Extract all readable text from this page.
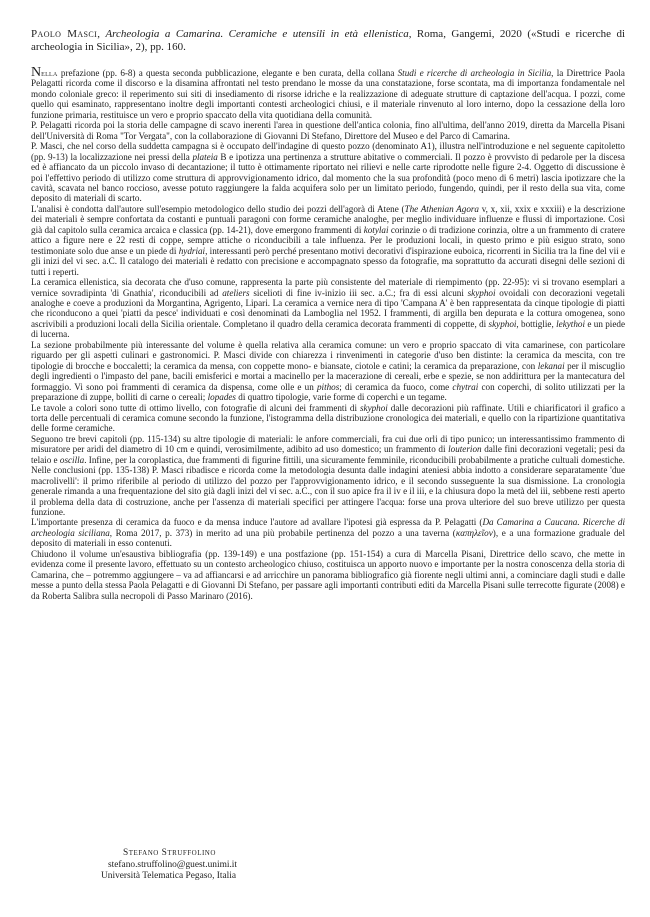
Paolo Masci, Archeologia a Camarina. Ceramiche e utensili in età ellenistica, Roma, Gangemi, 2020 («Studi e ricerche di archeologia in Sicilia», 2), pp. 160.

Nella prefazione (pp. 6-8) a questa seconda pubblicazione, elegante e ben curata, della collana Studi e ricerche di archeologia in Sicilia, la Direttrice Paola Pelagatti ricorda come il discorso e la disamina affrontati nel testo prendano le mosse da una constatazione, forse scontata, ma di importanza fondamentale nel mondo coloniale greco: il reperimento sui siti di insediamento di risorse idriche e la realizzazione di adeguate strutture di captazione dell'acqua. I pozzi, come quello qui esaminato, rappresentano inoltre degli importanti contesti archeologici chiusi, e il materiale rinvenuto al loro interno, dopo la cessazione della loro funzione primaria, restituisce un vero e proprio spaccato della vita quotidiana della comunità.

P. Pelagatti ricorda poi la storia delle campagne di scavo inerenti l'area in questione dell'antica colonia, fino all'ultima, dell'anno 2019, diretta da Marcella Pisani dell'Università di Roma "Tor Vergata", con la collaborazione di Giovanni Di Stefano, Direttore del Museo e del Parco di Camarina.

P. Masci, che nel corso della suddetta campagna si è occupato dell'indagine di questo pozzo (denominato A1), illustra nell'introduzione e nel seguente capitoletto (pp. 9-13) la localizzazione nei pressi della plateia B e ipotizza una pertinenza a strutture abitative o commerciali. Il pozzo è provvisto di pedarole per la discesa ed è affiancato da un piccolo invaso di decantazione; il tutto è ottimamente riportato nei rilievi e nelle carte riprodotte nelle figure 2-4. Oggetto di discussione è poi l'effettivo periodo di utilizzo come struttura di approvvigionamento idrico, dal momento che la sua profondità (poco meno di 6 metri) lascia ipotizzare che la cavità, scavata nel banco roccioso, avesse potuto raggiungere la falda acquifera solo per un limitato periodo, fungendo, quindi, per il resto della sua vita, come deposito di materiali di scarto.

L'analisi è condotta dall'autore sull'esempio metodologico dello studio dei pozzi dell'agorà di Atene (The Athenian Agora v, x, xii, xxix e xxxiii) e la descrizione dei materiali è sempre confortata da costanti e puntuali paragoni con forme ceramiche analoghe, per meglio individuare influenze e flussi di importazione. Così già dal capitolo sulla ceramica arcaica e classica (pp. 14-21), dove emergono frammenti di kotylai corinzie o di tradizione corinzia, oltre a un frammento di cratere attico a figure nere e 22 resti di coppe, sempre attiche o riconducibili a tale influenza. Per le produzioni locali, in questo primo e più esiguo strato, sono testimoniate solo due anse e un piede di hydriai, interessanti però perché presentano motivi decorativi d'ispirazione euboica, ricorrenti in Sicilia tra la fine del vii e gli inizi del vi sec. a.C. Il catalogo dei materiali è redatto con precisione e accompagnato spesso da fotografie, ma soprattutto da accurati disegni delle sezioni di tutti i reperti.

La ceramica ellenistica, sia decorata che d'uso comune, rappresenta la parte più consistente del materiale di riempimento (pp. 22-95): vi si trovano esemplari a vernice sovradipinta 'di Gnathia', riconducibili ad ateliers sicelioti di fine iv-inizio iii sec. a.C.; fra di essi alcuni skyphoi ovoidali con decorazioni vegetali analoghe e coeve a produzioni da Morgantina, Agrigento, Lipari. La ceramica a vernice nera di tipo 'Campana A' è ben rappresentata da cinque tipologie di piatti che riconducono a quei 'piatti da pesce' individuati e così denominati da Lamboglia nel 1952. I frammenti, di argilla ben depurata e la cottura omogenea, sono ascrivibili a produzioni locali della Sicilia orientale. Completano il quadro della ceramica decorata frammenti di coppette, di skyphoi, bottiglie, lekythoi e un piede di lucerna.

La sezione probabilmente più interessante del volume è quella relativa alla ceramica comune: un vero e proprio spaccato di vita camarinese, con particolare riguardo per gli aspetti culinari e gastronomici. P. Masci divide con chiarezza i rinvenimenti in categorie d'uso ben distinte: la ceramica da mescita, con tre tipologie di brocche e boccaletti; la ceramica da mensa, con coppette mono- e biansate, ciotole e catini; la ceramica da preparazione, con lekanai per il miscuglio degli ingredienti o l'impasto del pane, bacili emisferici e mortai a macinello per la macerazione di cereali, erbe e spezie, se non addirittura per la mantecatura del formaggio. Vi sono poi frammenti di ceramica da dispensa, come olle e un pithos; di ceramica da fuoco, come chytrai con coperchi, di solito utilizzati per la preparazione di zuppe, bolliti di carne o cereali; lopades di quattro tipologie, varie forme di coperchi e un tegame.

Le tavole a colori sono tutte di ottimo livello, con fotografie di alcuni dei frammenti di skyphoi dalle decorazioni più raffinate. Utili e chiarificatori il grafico a torta delle percentuali di ceramica comune secondo la funzione, l'istogramma della distribuzione cronologica dei materiali, e quello con la ripartizione quantitativa delle forme ceramiche.

Seguono tre brevi capitoli (pp. 115-134) su altre tipologie di materiali: le anfore commerciali, fra cui due orli di tipo punico; un interessantissimo frammento di misuratore per aridi del diametro di 10 cm e quindi, verosimilmente, adibito ad uso domestico; un frammento di louterion dalle fini decorazioni vegetali; pesi da telaio e oscilla. Infine, per la coroplastica, due frammenti di figurine fittili, una sicuramente femminile, riconducibili probabilmente a pratiche cultuali domestiche.

Nelle conclusioni (pp. 135-138) P. Masci ribadisce e ricorda come la metodologia desunta dalle indagini ateniesi abbia indotto a considerare separatamente 'due macrolivelli': il primo riferibile al periodo di utilizzo del pozzo per l'approvvigionamento idrico, e il secondo susseguente la sua dismissione. La cronologia generale rimanda a una frequentazione del sito già dagli inizi del vi sec. a.C., con il suo apice fra il iv e il iii, e la chiusura dopo la metà del iii, sebbene resti aperto il problema della data di costruzione, anche per l'assenza di materiali specifici per attingere l'acqua: forse una prova ulteriore del suo breve utilizzo per questa funzione.

L'importante presenza di ceramica da fuoco e da mensa induce l'autore ad avallare l'ipotesi già espressa da P. Pelagatti (Da Camarina a Caucana. Ricerche di archeologia siciliana, Roma 2017, p. 373) in merito ad una più probabile pertinenza del pozzo a una taverna (καπηλεῖον), e a una formazione graduale del deposito di materiali in esso contenuti.

Chiudono il volume un'esaustiva bibliografia (pp. 139-149) e una postfazione (pp. 151-154) a cura di Marcella Pisani, Direttrice dello scavo, che mette in evidenza come il presente lavoro, effettuato su un contesto archeologico chiuso, costituisca un apporto nuovo e importante per la nostra conoscenza della storia di Camarina, che – potremmo aggiungere – va ad affiancarsi e ad arricchire un panorama bibliografico già fiorente negli ultimi anni, a cominciare dagli studi e dalle messe a punto della stessa Paola Pelagatti e di Giovanni Di Stefano, per passare agli importanti contributi editi da Marcella Pisani sulle terrecotte figurate (2008) e da Roberta Salibra sulla necropoli di Passo Marinaro (2016).

Stefano Struffolino
stefano.struffolino@guest.unimi.it
Università Telematica Pegaso, Italia
